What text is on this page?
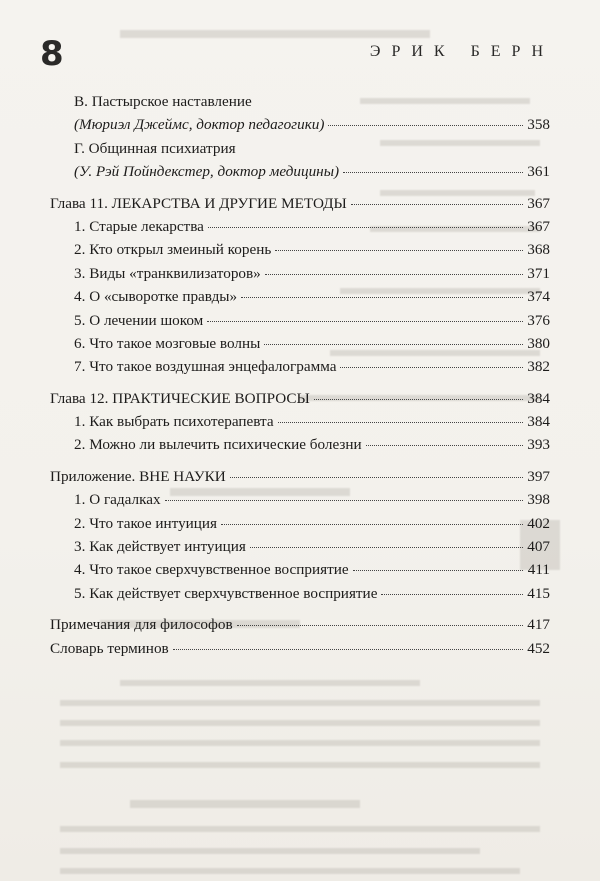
8	ЭРИК БЕРН
В. Пастырское наставление
(Мюриэл Джеймс, доктор педагогики)	358
Г. Общинная психиатрия
(У. Рэй Пойндекстер, доктор медицины)	361
Глава 11. ЛЕКАРСТВА И ДРУГИЕ МЕТОДЫ	367
1. Старые лекарства	367
2. Кто открыл змеиный корень	368
3. Виды «транквилизаторов»	371
4. О «сыворотке правды»	374
5. О лечении шоком	376
6. Что такое мозговые волны	380
7. Что такое воздушная энцефалограмма	382
Глава 12. ПРАКТИЧЕСКИЕ ВОПРОСЫ	384
1. Как выбрать психотерапевта	384
2. Можно ли вылечить психические болезни	393
Приложение. ВНЕ НАУКИ	397
1. О гадалках	398
2. Что такое интуиция	402
3. Как действует интуиция	407
4. Что такое сверхчувственное восприятие	411
5. Как действует сверхчувственное восприятие	415
Примечания для философов	417
Словарь терминов	452
